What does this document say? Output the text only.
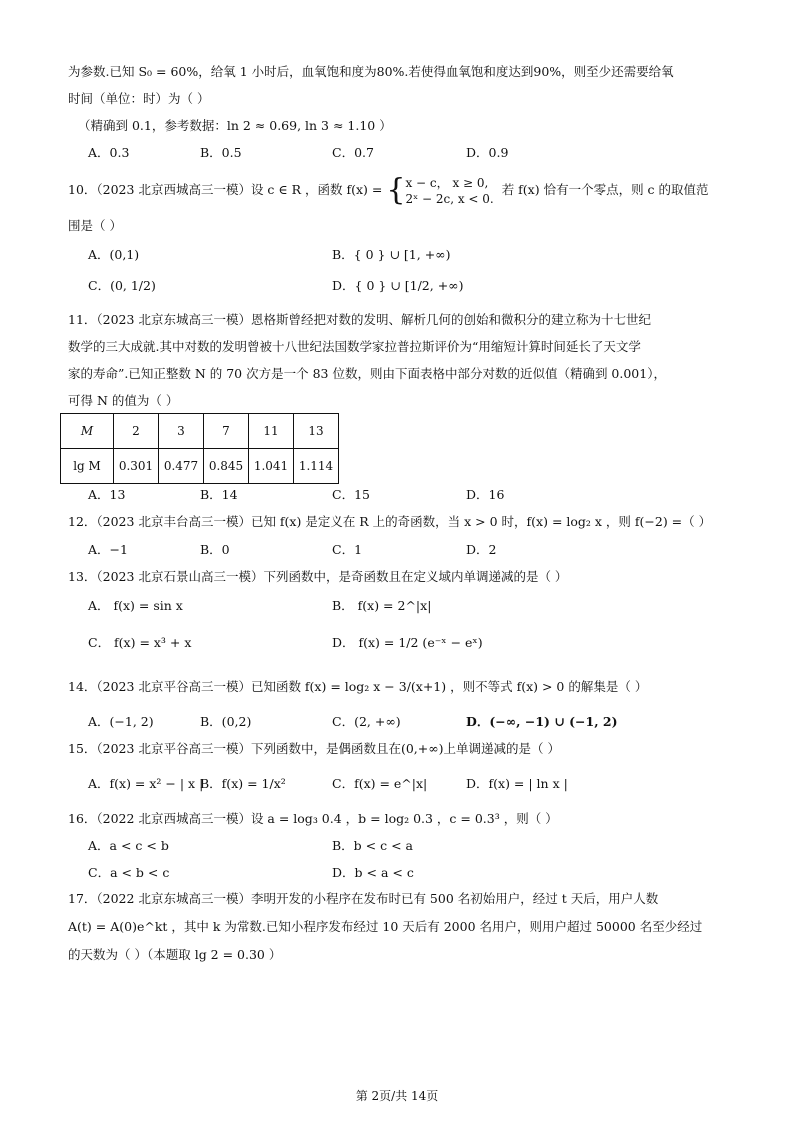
为参数.已知 S₀ = 60%，给氧 1 小时后，血氧饱和度为80%.若使得血氧饱和度达到90%，则至少还需要给氧
时间（单位：时）为（ ）
（精确到 0.1，参考数据：ln 2 ≈ 0.69, ln 3 ≈ 1.10 ）
A．0.3	B．0.5	C．0.7	D．0.9
10．（2023 北京西城高三一模）设 c ∈ R ，函数 f(x) = { x − c， x ≥ 0,
2ˣ − 2c, x < 0.
若 f(x) 恰有一个零点，则 c 的取值范
围是（ ）
A．(0,1)	B．{ 0 } ∪ [1, +∞)
C．(0, 1/2)	D．{ 0 } ∪ [1/2, +∞)
11．（2023 北京东城高三一模）恩格斯曾经把对数的发明、解析几何的创始和微积分的建立称为十七世纪
数学的三大成就.其中对数的发明曾被十八世纪法国数学家拉普拉斯评价为“用缩短计算时间延长了天文学
家的寿命”.已知正整数 N 的 70 次方是一个 83 位数，则由下面表格中部分对数的近似值（精确到 0.001），
可得 N 的值为（ ）
M	2	3	7	11	13
lg M	0.301	0.477	0.845	1.041	1.114
A．13	B．14	C．15	D．16
12．（2023 北京丰台高三一模）已知 f(x) 是定义在 R 上的奇函数，当 x > 0 时，f(x) = log₂ x ，则 f(−2) =（ ）
A．−1	B．0	C．1	D．2
13．（2023 北京石景山高三一模）下列函数中，是奇函数且在定义域内单调递减的是（ ）
A． f(x) = sin x	B． f(x) = 2^|x|
C． f(x) = x³ + x	D． f(x) = 1/2 (e⁻ˣ − eˣ)
14．（2023 北京平谷高三一模）已知函数 f(x) = log₂ x − 3/(x+1) ，则不等式 f(x) > 0 的解集是（ ）
A．(−1, 2)	B．(0,2)	C．(2, +∞)	D．(−∞, −1) ∪ (−1, 2)
15．（2023 北京平谷高三一模）下列函数中，是偶函数且在(0,+∞)上单调递减的是（ ）
A．f(x) = x² − | x |
B．f(x) = 1/x²	C．f(x) = e^|x|	D．f(x) = | ln x |
16．（2022 北京西城高三一模）设 a = log₃ 0.4 ，b = log₂ 0.3 ，c = 0.3³ ，则（ ）
A．a < c < b	B．b < c < a
C．a < b < c	D．b < a < c
17．（2022 北京东城高三一模）李明开发的小程序在发布时已有 500 名初始用户，经过 t 天后，用户人数
A(t) = A(0)e^kt ，其中 k 为常数.已知小程序发布经过 10 天后有 2000 名用户，则用户超过 50000 名至少经过
的天数为（ ）（本题取 lg 2 = 0.30 ）
第 2页/共 14页
